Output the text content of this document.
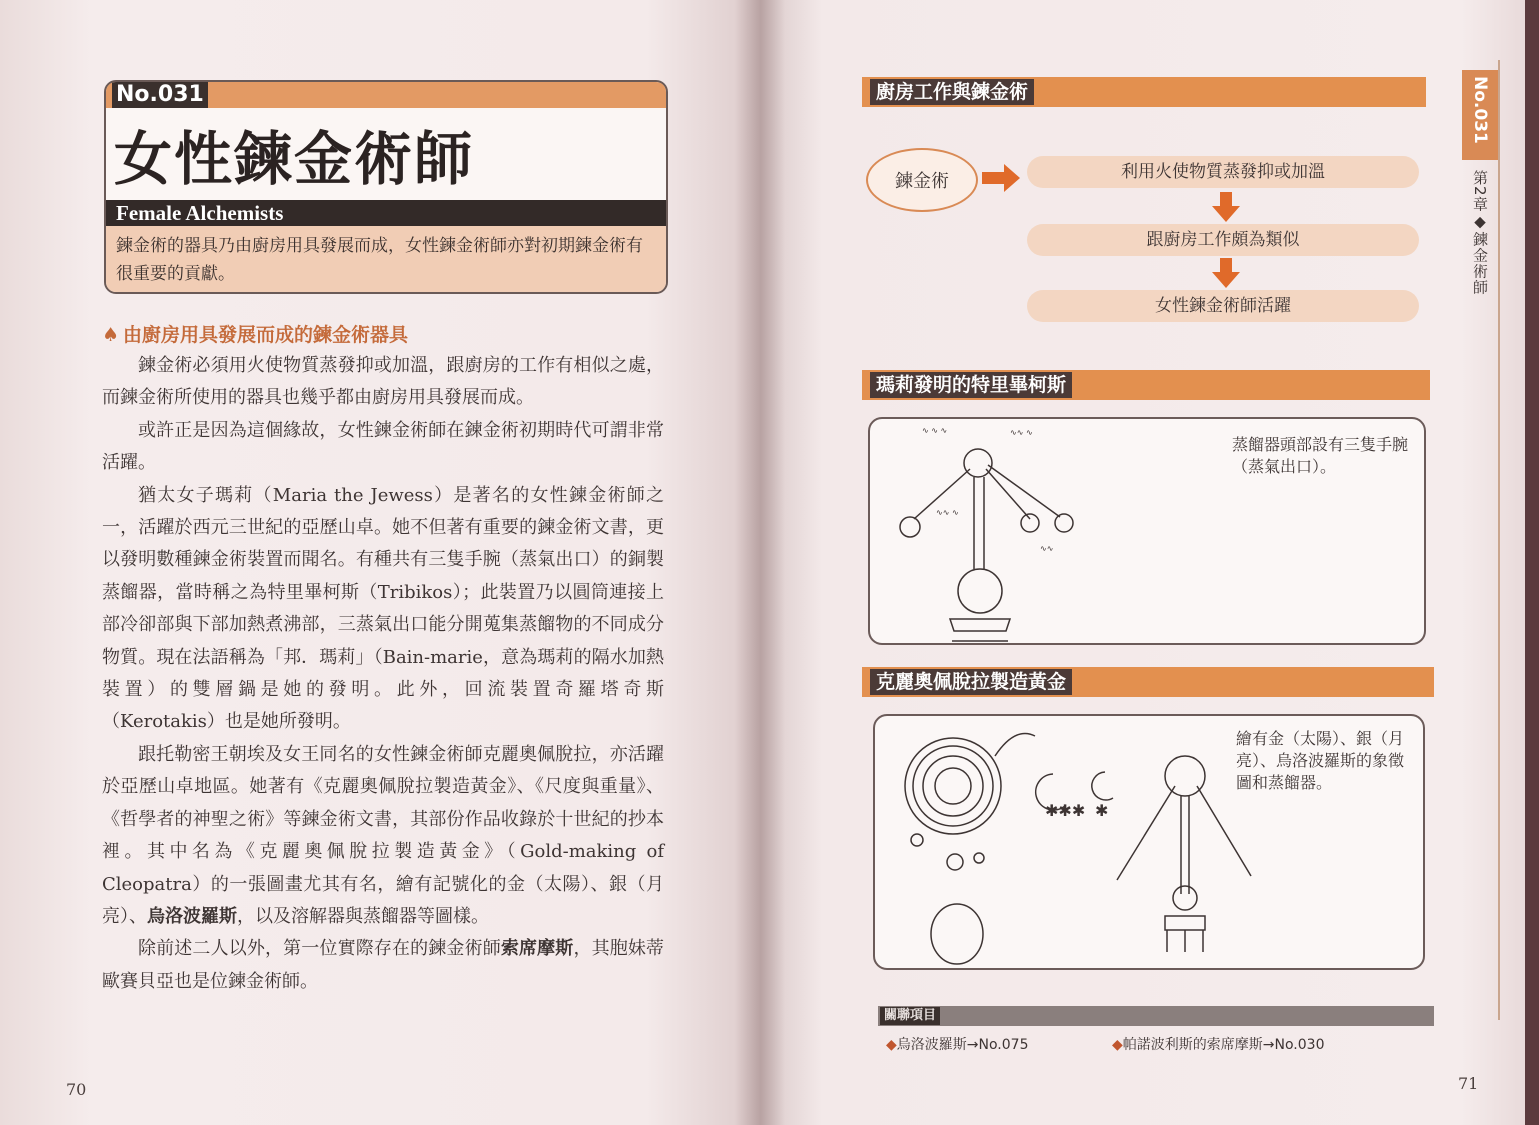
No.031
女性鍊金術師
Female Alchemists
鍊金術的器具乃由廚房用具發展而成，女性鍊金術師亦對初期鍊金術有很重要的貢獻。
♠ 由廚房用具發展而成的鍊金術器具

鍊金術必須用火使物質蒸發抑或加溫，跟廚房的工作有相似之處，而鍊金術所使用的器具也幾乎都由廚房用具發展而成。

或許正是因為這個緣故，女性鍊金術師在鍊金術初期時代可謂非常活躍。

猶太女子瑪莉（Maria the Jewess）是著名的女性鍊金術師之一，活躍於西元三世紀的亞歷山卓。她不但著有重要的鍊金術文書，更以發明數種鍊金術裝置而聞名。有種共有三隻手腕（蒸氣出口）的銅製蒸餾器，當時稱之為特里畢柯斯（Tribikos）；此裝置乃以圓筒連接上部冷卻部與下部加熱煮沸部，三蒸氣出口能分開蒐集蒸餾物的不同成分物質。現在法語稱為「邦．瑪莉」（Bain-marie，意為瑪莉的隔水加熱裝置）的雙層鍋是她的發明。此外，回流裝置奇羅塔奇斯（Kerotakis）也是她所發明。

跟托勒密王朝埃及女王同名的女性鍊金術師克麗奧佩脫拉，亦活躍於亞歷山卓地區。她著有《克麗奧佩脫拉製造黃金》、《尺度與重量》、《哲學者的神聖之術》等鍊金術文書，其部份作品收錄於十世紀的抄本裡。其中名為《克麗奧佩脫拉製造黃金》（Gold-making of Cleopatra）的一張圖畫尤其有名，繪有記號化的金（太陽）、銀（月亮）、烏洛波羅斯，以及溶解器與蒸餾器等圖樣。

除前述二人以外，第一位實際存在的鍊金術師索席摩斯，其胞妹蒂歐賽貝亞也是位鍊金術師。

70
No.031
第2章◆鍊金術師
廚房工作與鍊金術
鍊金術	利用火使物質蒸發抑或加溫
跟廚房工作頗為類似
女性鍊金術師活躍
瑪莉發明的特里畢柯斯
∿ ∿ ∿	∿∿ ∿
∿∿ ∿
∿∿
蒸餾器頭部設有三隻手腕（蒸氣出口）。
克麗奧佩脫拉製造黃金
✱✱✱ ✱
繪有金（太陽）、銀（月亮）、烏洛波羅斯的象徵圖和蒸餾器。
關聯項目
◆烏洛波羅斯→No.075	◆帕諾波利斯的索席摩斯→No.030
71
